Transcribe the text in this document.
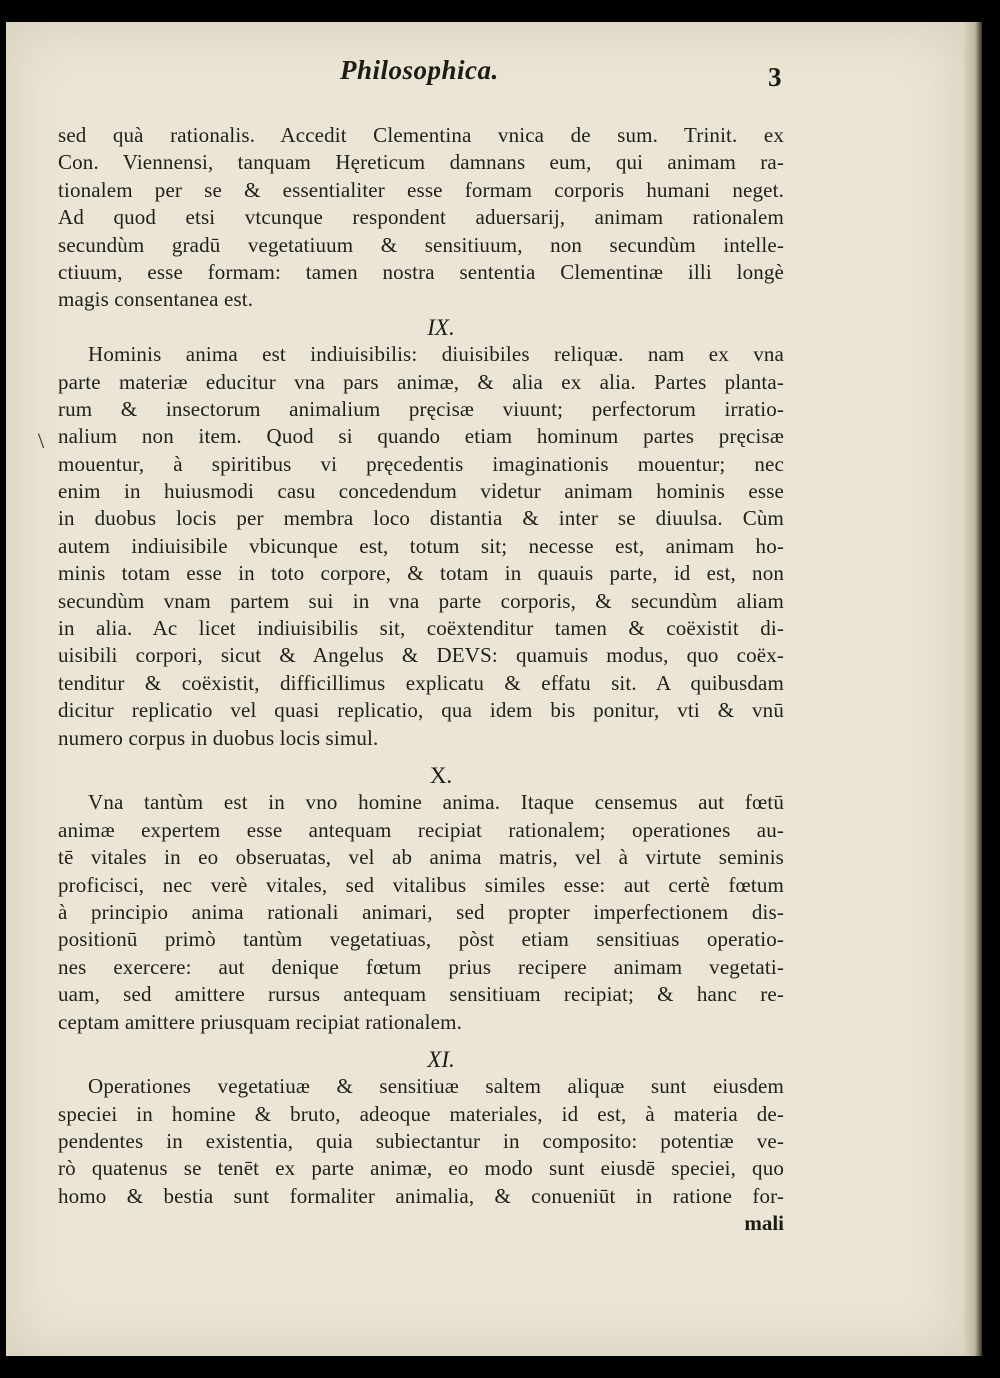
Philosophica.	3
\
sed quà rationalis. Accedit Clementina vnica de sum. Trinit. ex
Con. Viennensi, tanquam Hęreticum damnans eum, qui animam ra-
tionalem per se & essentialiter esse formam corporis humani neget.
Ad quod etsi vtcunque respondent aduersarij, animam rationalem
secundùm gradū vegetatiuum & sensitiuum, non secundùm intelle-
ctiuum, esse formam: tamen nostra sententia Clementinæ illi longè
magis consentanea est.
IX.
Hominis anima est indiuisibilis: diuisibiles reliquæ. nam ex vna
parte materiæ educitur vna pars animæ, & alia ex alia. Partes planta-
rum & insectorum animalium pręcisæ viuunt; perfectorum irratio-
nalium non item. Quod si quando etiam hominum partes pręcisæ
mouentur, à spiritibus vi pręcedentis imaginationis mouentur; nec
enim in huiusmodi casu concedendum videtur animam hominis esse
in duobus locis per membra loco distantia & inter se diuulsa. Cùm
autem indiuisibile vbicunque est, totum sit; necesse est, animam ho-
minis totam esse in toto corpore, & totam in quauis parte, id est, non
secundùm vnam partem sui in vna parte corporis, & secundùm aliam
in alia. Ac licet indiuisibilis sit, coëxtenditur tamen & coëxistit di-
uisibili corpori, sicut & Angelus & DEVS: quamuis modus, quo coëx-
tenditur & coëxistit, difficillimus explicatu & effatu sit. A quibusdam
dicitur replicatio vel quasi replicatio, qua idem bis ponitur, vti & vnū
numero corpus in duobus locis simul.
X.
Vna tantùm est in vno homine anima. Itaque censemus aut fœtū
animæ expertem esse antequam recipiat rationalem; operationes au-
tē vitales in eo obseruatas, vel ab anima matris, vel à virtute seminis
proficisci, nec verè vitales, sed vitalibus similes esse: aut certè fœtum
à principio anima rationali animari, sed propter imperfectionem dis-
positionū primò tantùm vegetatiuas, pòst etiam sensitiuas operatio-
nes exercere: aut denique fœtum prius recipere animam vegetati-
uam, sed amittere rursus antequam sensitiuam recipiat; & hanc re-
ceptam amittere priusquam recipiat rationalem.
XI.
Operationes vegetatiuæ & sensitiuæ saltem aliquæ sunt eiusdem
speciei in homine & bruto, adeoque materiales, id est, à materia de-
pendentes in existentia, quia subiectantur in composito: potentiæ ve-
rò quatenus se tenēt ex parte animæ, eo modo sunt eiusdē speciei, quo
homo & bestia sunt formaliter animalia, & conueniūt in ratione for-
mali
